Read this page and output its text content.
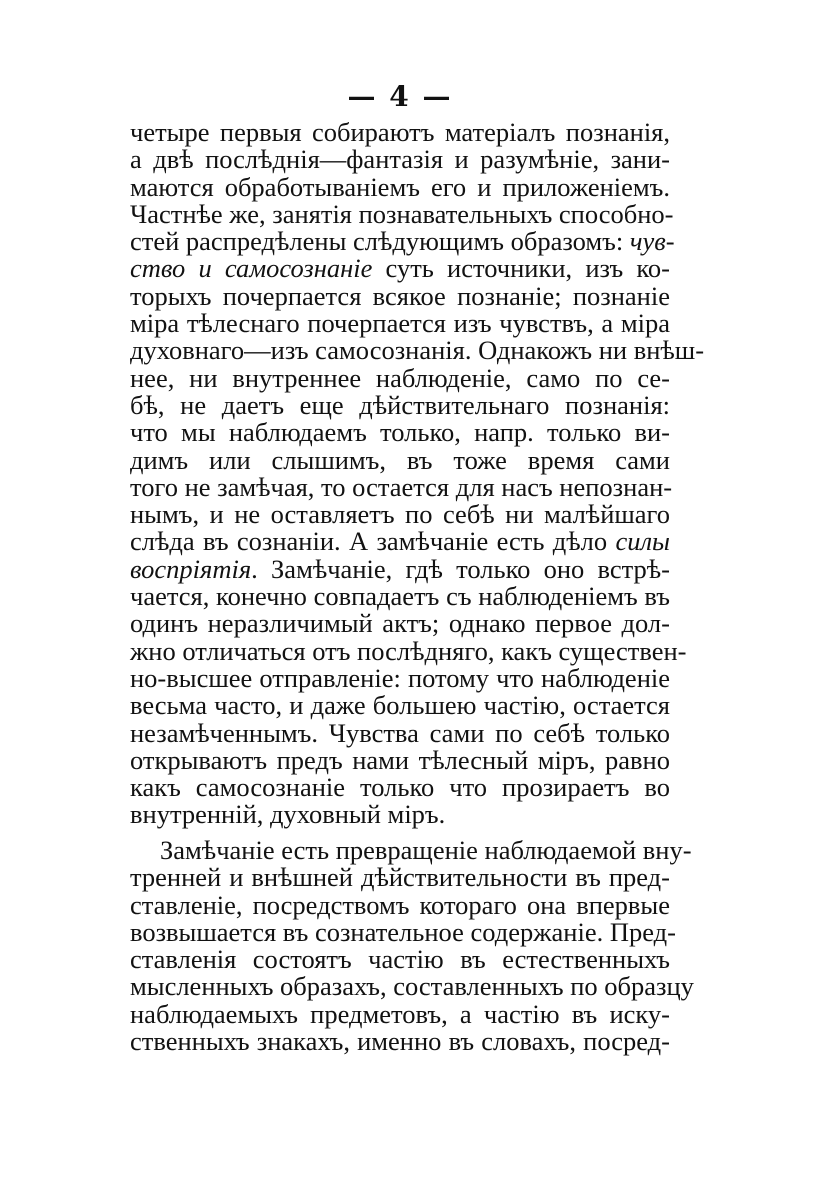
— 4 —
четыре первыя собираютъ матеріалъ познанія,
а двѣ послѣднія—фантазія и разумѣніе, зани-
маются обработываніемъ его и приложеніемъ.
Частнѣе же, занятія познавательныхъ способно-
стей распредѣлены слѣдующимъ образомъ: чув-
ство и самосознаніе суть источники, изъ ко-
торыхъ почерпается всякое познаніе; познаніе
міра тѣлеснаго почерпается изъ чувствъ, а міра
духовнаго—изъ самосознанія. Однакожъ ни внѣш-
нее, ни внутреннее наблюденіе, само по се-
бѣ, не даетъ еще дѣйствительнаго познанія:
что мы наблюдаемъ только, напр. только ви-
димъ или слышимъ, въ тоже время сами
того не замѣчая, то остается для насъ непознан-
нымъ, и не оставляетъ по себѣ ни малѣйшаго
слѣда въ сознаніи. А замѣчаніе есть дѣло силы
воспріятія. Замѣчаніе, гдѣ только оно встрѣ-
чается, конечно совпадаетъ съ наблюденіемъ въ
одинъ неразличимый актъ; однако первое дол-
жно отличаться отъ послѣдняго, какъ существен-
но-высшее отправленіе: потому что наблюденіе
весьма часто, и даже большею частію, остается
незамѣченнымъ. Чувства сами по себѣ только
открываютъ предъ нами тѣлесный міръ, равно
какъ самосознаніе только что прозираетъ во
внутренній, духовный міръ.
Замѣчаніе есть превращеніе наблюдаемой вну-
тренней и внѣшней дѣйствительности въ пред-
ставленіе, посредствомъ котораго она впервые
возвышается въ сознательное содержаніе. Пред-
ставленія состоятъ частію въ естественныхъ
мысленныхъ образахъ, составленныхъ по образцу
наблюдаемыхъ предметовъ, а частію въ иску-
ственныхъ знакахъ, именно въ словахъ, посред-
